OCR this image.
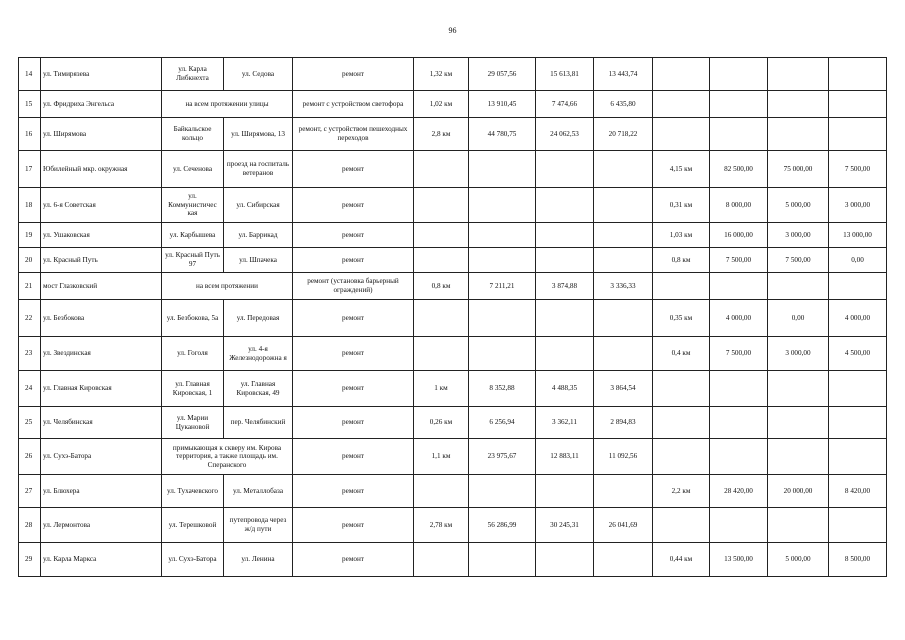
96
14	ул. Тимирязева	ул. Карла Либкнехта	ул. Седова	ремонт	1,32 км	29 057,56	15 613,81	13 443,74				
15	ул. Фридриха Энгельса	на всем протяжении улицы		ремонт с устройством светофора	1,02 км	13 910,45	7 474,66	6 435,80				
16	ул. Ширямова	Байкальское кольцо	ул. Ширямова, 13	ремонт, с устройством пешеходных переходов	2,8 км	44 780,75	24 062,53	20 718,22				
17	Юбилейный мкр. окружная	ул. Сеченова	проезд на госпиталь ветеранов	ремонт					4,15 км	82 500,00	75 000,00	7 500,00
18	ул. 6-я Советская	ул. Коммунистичес кая	ул. Сибирская	ремонт					0,31 км	8 000,00	5 000,00	3 000,00
19	ул. Ушаковская	ул. Карбышева	ул. Баррикад	ремонт					1,03 км	16 000,00	3 000,00	13 000,00
20	ул. Красный Путь	ул. Красный Путь 97	ул. Шпачека	ремонт					0,8 км	7 500,00	7 500,00	0,00
21	мост Глазковский	на всем протяжении		ремонт (установка барьерный ограждений)	0,8 км	7 211,21	3 874,88	3 336,33				
22	ул. Безбокова	ул. Безбокова, 5а	ул. Передовая	ремонт					0,35 км	4 000,00	0,00	4 000,00
23	ул. Звездинская	ул. Гоголя	ул. 4-я Железнодорожна я	ремонт					0,4 км	7 500,00	3 000,00	4 500,00
24	ул. Главная Кировская	ул. Главная Кировская, 1	ул. Главная Кировская, 49	ремонт	1 км	8 352,88	4 488,35	3 864,54				
25	ул. Челябинская	ул. Марии Цукановой	пер. Челябинский	ремонт	0,26 км	6 256,94	3 362,11	2 894,83				
26	ул. Сухэ-Батора	примыкающая к скверу им. Кирова территория, а также площадь им. Сперанского		ремонт	1,1 км	23 975,67	12 883,11	11 092,56				
27	ул. Блюхера	ул. Тухачевского	ул. Металлобаза	ремонт					2,2 км	28 420,00	20 000,00	8 420,00
28	ул. Лермонтова	ул. Терешковой	путепровода через ж/д пути	ремонт	2,78 км	56 286,99	30 245,31	26 041,69				
29	ул. Карла Маркса	ул. Сухэ-Батора	ул. Ленина	ремонт					0,44 км	13 500,00	5 000,00	8 500,00
